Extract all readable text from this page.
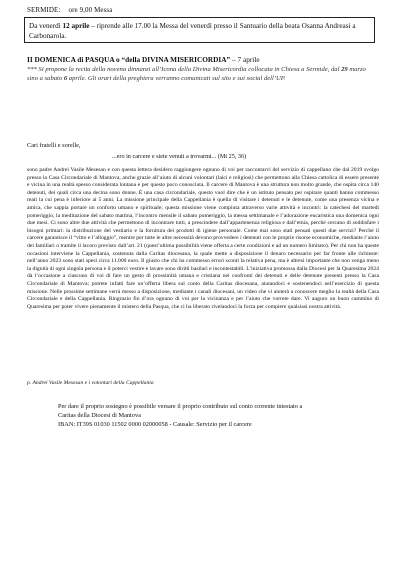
SERMIDE: ore 9,00 Messa
Da venerdì 12 aprile – riprende alle 17.00 la Messa del venerdì presso il Santuario della beata Osanna Andreasi a Carbonarola.
II DOMENICA di PASQUA o “della DIVINA MISERICORDIA” – 7 aprile
*** Si propone la recita della novena dinnanzi all’Icona della Divina Misericordia collocata in Chiesa a Sermide, dal 29 marzo sino a sabato 6 aprile. Gli orari della preghiera verranno comunicati sul sito e sui social dell’UP.
Cari fratelli e sorelle,
...ero in carcere e siete venuti a trovarmi... (Mt 25, 36)

sono padre Andrei Vasile Mesesan e con questa lettera desidero raggiungere ognuno di voi per raccontarvi del servizio di cappellano che dal 2019 svolgo presso la Casa Circondariale di Mantova, anche grazie all’aiuto di alcuni volontari (laici e religiosi) che permettono alla Chiesa cattolica di essere presente e vicina in una realtà spesso considerata lontana e per questo poco conosciuta. Il carcere di Mantova è una struttura non molto grande, che ospita circa 140 detenuti, dei quali circa una decina sono donne. È una casa circondariale, questo vuol dire che è un istituto pensato per ospitare quanti hanno commesso reati la cui pena è inferiore ai 5 anni. La missione principale della Cappellania è quella di visitare i detenuti e le detenute, come una presenza vicina e amica, che sappia portare un conforto umano e spirituale; questa missione viene compiuta attraverso varie attività e incontri: la catechesi del martedì pomeriggio, la meditazione del sabato mattina, l’incontro mensile il sabato pomeriggio, la messa settimanale e l’adorazione eucaristica una domenica ogni due mesi. Ci sono altre due attività che permettono di incontrare tutti, a prescindere dall’appartenenza religiosa e dall’etnia, perché cercano di soddisfare i bisogni primari: la distribuzione del vestiario e la fornitura dei prodotti di igiene personale. Come mai sono stati pensati questi due servizi? Perché il carcere garantisce il “vitto e l’alloggio”, mentre per tutte le altre necessità devono provvedere i detenuti con le proprie risorse economiche, mediante l’aiuto dei familiari o tramite il lavoro previsto dall’art. 21 (quest’ultima possibilità viene offerta a certe condizioni e ad un numero limitato). Per chi non ha queste occasioni interviene la Cappellania, sostenuta dalla Caritas diocesana, la quale mette a disposizione il denaro necessario per far fronte alle richieste: nell’anno 2023 sono stati spesi circa 11.000 euro. Il giusto che chi ha commesso errori sconti la relativa pena, ma è altresì importante che non venga meno la dignità di ogni singola persona e il poterci vestire e lavare sono diritti basilari e incontestabili. L’iniziativa promossa dalla Diocesi per la Quaresima 2024 dà l’occasione a ciascuno di voi di fare un gesto di prossimità umana e cristiana nei confronti dei detenuti e delle detenute presenti presso la Casa Circondariale di Mantova; potrete infatti fare un’offerta libera sul conto della Caritas diocesana, aiutandoci e sostenendoci nell’esercizio di questa missione. Nelle prossime settimane verrà messo a disposizione, mediante i canali diocesani, un video che vi aiuterà a conoscere meglio la realtà della Casa Circondariale e della Cappellania. Ringrazio fin d’ora ognuno di voi per la vicinanza e per l’aiuto che vorrete dare. Vi auguro un buon cammino di Quaresima per poter vivere pienamente il mistero della Pasqua, che ci ha liberato rivelandoci la forza per compiere qualsiasi nostra attività.

p. Andrei Vasile Mesesan e i volontari della Cappellania
Per dare il proprio sostegno è possibile versare il proprio contributo sul conto corrente intestato a
Caritas della Diocesi di Mantova
IBAN: IT39S 01030 11502 0000 02000058 - Causale: Servizio per il carcere
